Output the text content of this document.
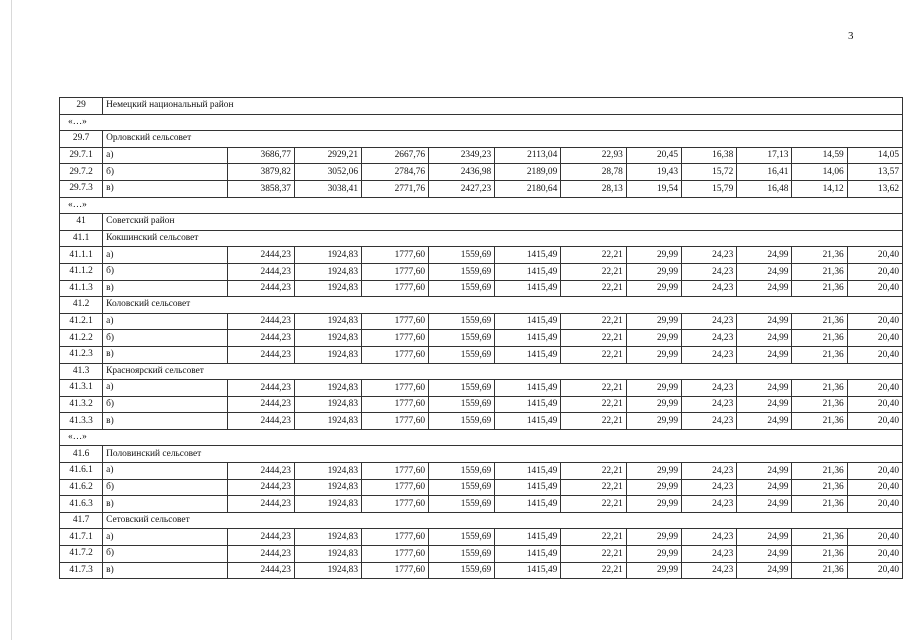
3
29	Немецкий национальный район											
«…»												
29.7	Орловский сельсовет											
29.7.1	а)	3686,77	2929,21	2667,76	2349,23	2113,04	22,93	20,45	16,38	17,13	14,59	14,05
29.7.2	б)	3879,82	3052,06	2784,76	2436,98	2189,09	28,78	19,43	15,72	16,41	14,06	13,57
29.7.3	в)	3858,37	3038,41	2771,76	2427,23	2180,64	28,13	19,54	15,79	16,48	14,12	13,62
«…»												
41	Советский район											
41.1	Кокшинский сельсовет											
41.1.1	а)	2444,23	1924,83	1777,60	1559,69	1415,49	22,21	29,99	24,23	24,99	21,36	20,40
41.1.2	б)	2444,23	1924,83	1777,60	1559,69	1415,49	22,21	29,99	24,23	24,99	21,36	20,40
41.1.3	в)	2444,23	1924,83	1777,60	1559,69	1415,49	22,21	29,99	24,23	24,99	21,36	20,40
41.2	Коловский сельсовет											
41.2.1	а)	2444,23	1924,83	1777,60	1559,69	1415,49	22,21	29,99	24,23	24,99	21,36	20,40
41.2.2	б)	2444,23	1924,83	1777,60	1559,69	1415,49	22,21	29,99	24,23	24,99	21,36	20,40
41.2.3	в)	2444,23	1924,83	1777,60	1559,69	1415,49	22,21	29,99	24,23	24,99	21,36	20,40
41.3	Красноярский сельсовет											
41.3.1	а)	2444,23	1924,83	1777,60	1559,69	1415,49	22,21	29,99	24,23	24,99	21,36	20,40
41.3.2	б)	2444,23	1924,83	1777,60	1559,69	1415,49	22,21	29,99	24,23	24,99	21,36	20,40
41.3.3	в)	2444,23	1924,83	1777,60	1559,69	1415,49	22,21	29,99	24,23	24,99	21,36	20,40
«…»												
41.6	Половинский сельсовет											
41.6.1	а)	2444,23	1924,83	1777,60	1559,69	1415,49	22,21	29,99	24,23	24,99	21,36	20,40
41.6.2	б)	2444,23	1924,83	1777,60	1559,69	1415,49	22,21	29,99	24,23	24,99	21,36	20,40
41.6.3	в)	2444,23	1924,83	1777,60	1559,69	1415,49	22,21	29,99	24,23	24,99	21,36	20,40
41.7	Сетовский сельсовет											
41.7.1	а)	2444,23	1924,83	1777,60	1559,69	1415,49	22,21	29,99	24,23	24,99	21,36	20,40
41.7.2	б)	2444,23	1924,83	1777,60	1559,69	1415,49	22,21	29,99	24,23	24,99	21,36	20,40
41.7.3	в)	2444,23	1924,83	1777,60	1559,69	1415,49	22,21	29,99	24,23	24,99	21,36	20,40
